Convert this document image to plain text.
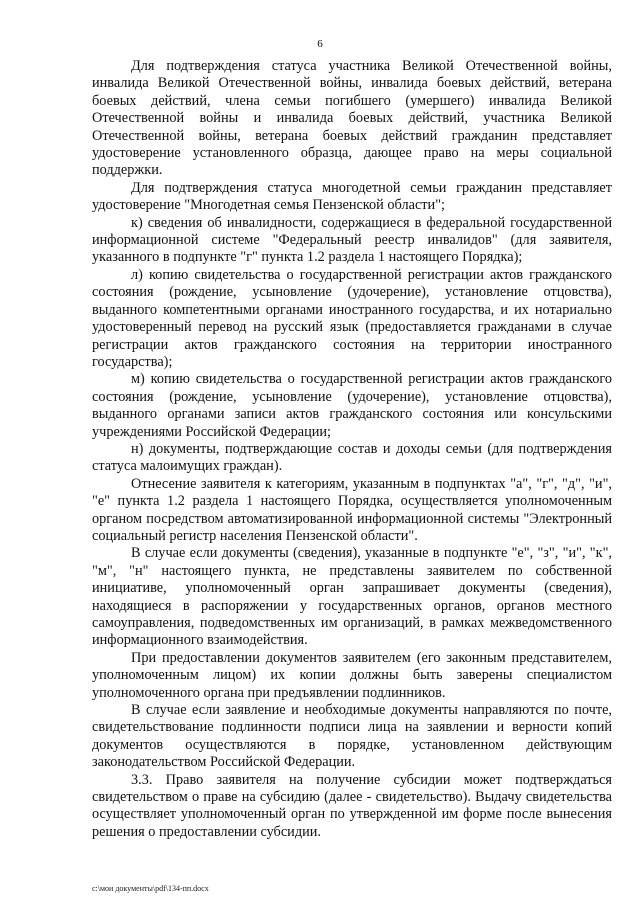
6

Для подтверждения статуса участника Великой Отечественной войны, инвалида Великой Отечественной войны, инвалида боевых действий, ветерана боевых действий, члена семьи погибшего (умершего) инвалида Великой Отечественной войны и инвалида боевых действий, участника Великой Отечественной войны, ветерана боевых действий гражданин представляет удостоверение установленного образца, дающее право на меры социальной поддержки.

Для подтверждения статуса многодетной семьи гражданин представляет удостоверение "Многодетная семья Пензенской области";

к) сведения об инвалидности, содержащиеся в федеральной государственной информационной системе "Федеральный реестр инвалидов" (для заявителя, указанного в подпункте "г" пункта 1.2 раздела 1 настоящего Порядка);

л) копию свидетельства о государственной регистрации актов гражданского состояния (рождение, усыновление (удочерение), установление отцовства), выданного компетентными органами иностранного государства, и их нотариально удостоверенный перевод на русский язык (предоставляется гражданами в случае регистрации актов гражданского состояния на территории иностранного государства);

м) копию свидетельства о государственной регистрации актов гражданского состояния (рождение, усыновление (удочерение), установление отцовства), выданного органами записи актов гражданского состояния или консульскими учреждениями Российской Федерации;

н) документы, подтверждающие состав и доходы семьи (для подтверждения статуса малоимущих граждан).

Отнесение заявителя к категориям, указанным в подпунктах "а", "г", "д", "и", "е" пункта 1.2 раздела 1 настоящего Порядка, осуществляется уполномоченным органом посредством автоматизированной информационной системы "Электронный социальный регистр населения Пензенской области".

В случае если документы (сведения), указанные в подпункте "е", "з", "и", "к", "м", "н" настоящего пункта, не представлены заявителем по собственной инициативе, уполномоченный орган запрашивает документы (сведения), находящиеся в распоряжении у государственных органов, органов местного самоуправления, подведомственных им организаций, в рамках межведомственного информационного взаимодействия.

При предоставлении документов заявителем (его законным представителем, уполномоченным лицом) их копии должны быть заверены специалистом уполномоченного органа при предъявлении подлинников.

В случае если заявление и необходимые документы направляются по почте, свидетельствование подлинности подписи лица на заявлении и верности копий документов осуществляются в порядке, установленном действующим законодательством Российской Федерации.

3.3. Право заявителя на получение субсидии может подтверждаться свидетельством о праве на субсидию (далее - свидетельство). Выдачу свидетельства осуществляет уполномоченный орган по утвержденной им форме после вынесения решения о предоставлении субсидии.

c:\мои документы\pdf\134-пп.docx
